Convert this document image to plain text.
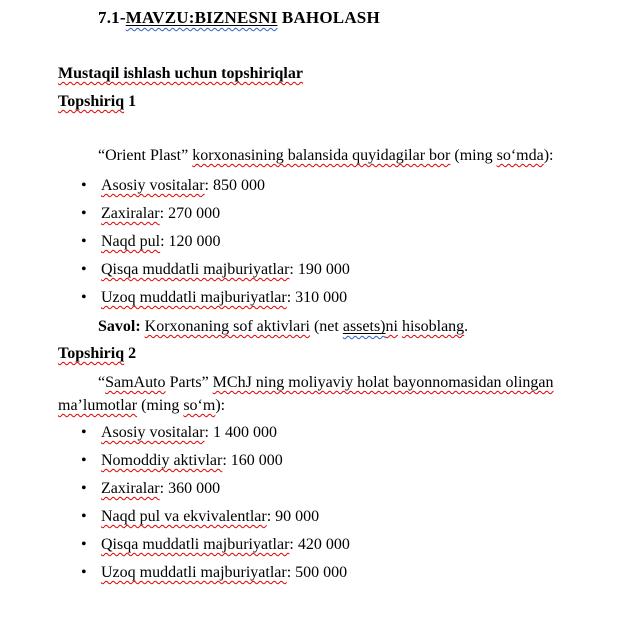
7.1-MAVZU:BIZNESNI BAHOLASH

Mustaqil ishlash uchun topshiriqlar

Topshiriq 1

“Orient Plast” korxonasining balansida quyidagilar bor (ming so‘mda):

• Asosiy vositalar: 850 000
• Zaxiralar: 270 000
• Naqd pul: 120 000
• Qisqa muddatli majburiyatlar: 190 000
• Uzoq muddatli majburiyatlar: 310 000

Savol: Korxonaning sof aktivlari (net assets)ni hisoblang.

Topshiriq 2

“SamAuto Parts” MChJ ning moliyaviy holat bayonnomasidan olingan ma’lumotlar (ming so‘m):

• Asosiy vositalar: 1 400 000
• Nomoddiy aktivlar: 160 000
• Zaxiralar: 360 000
• Naqd pul va ekvivalentlar: 90 000
• Qisqa muddatli majburiyatlar: 420 000
• Uzoq muddatli majburiyatlar: 500 000
